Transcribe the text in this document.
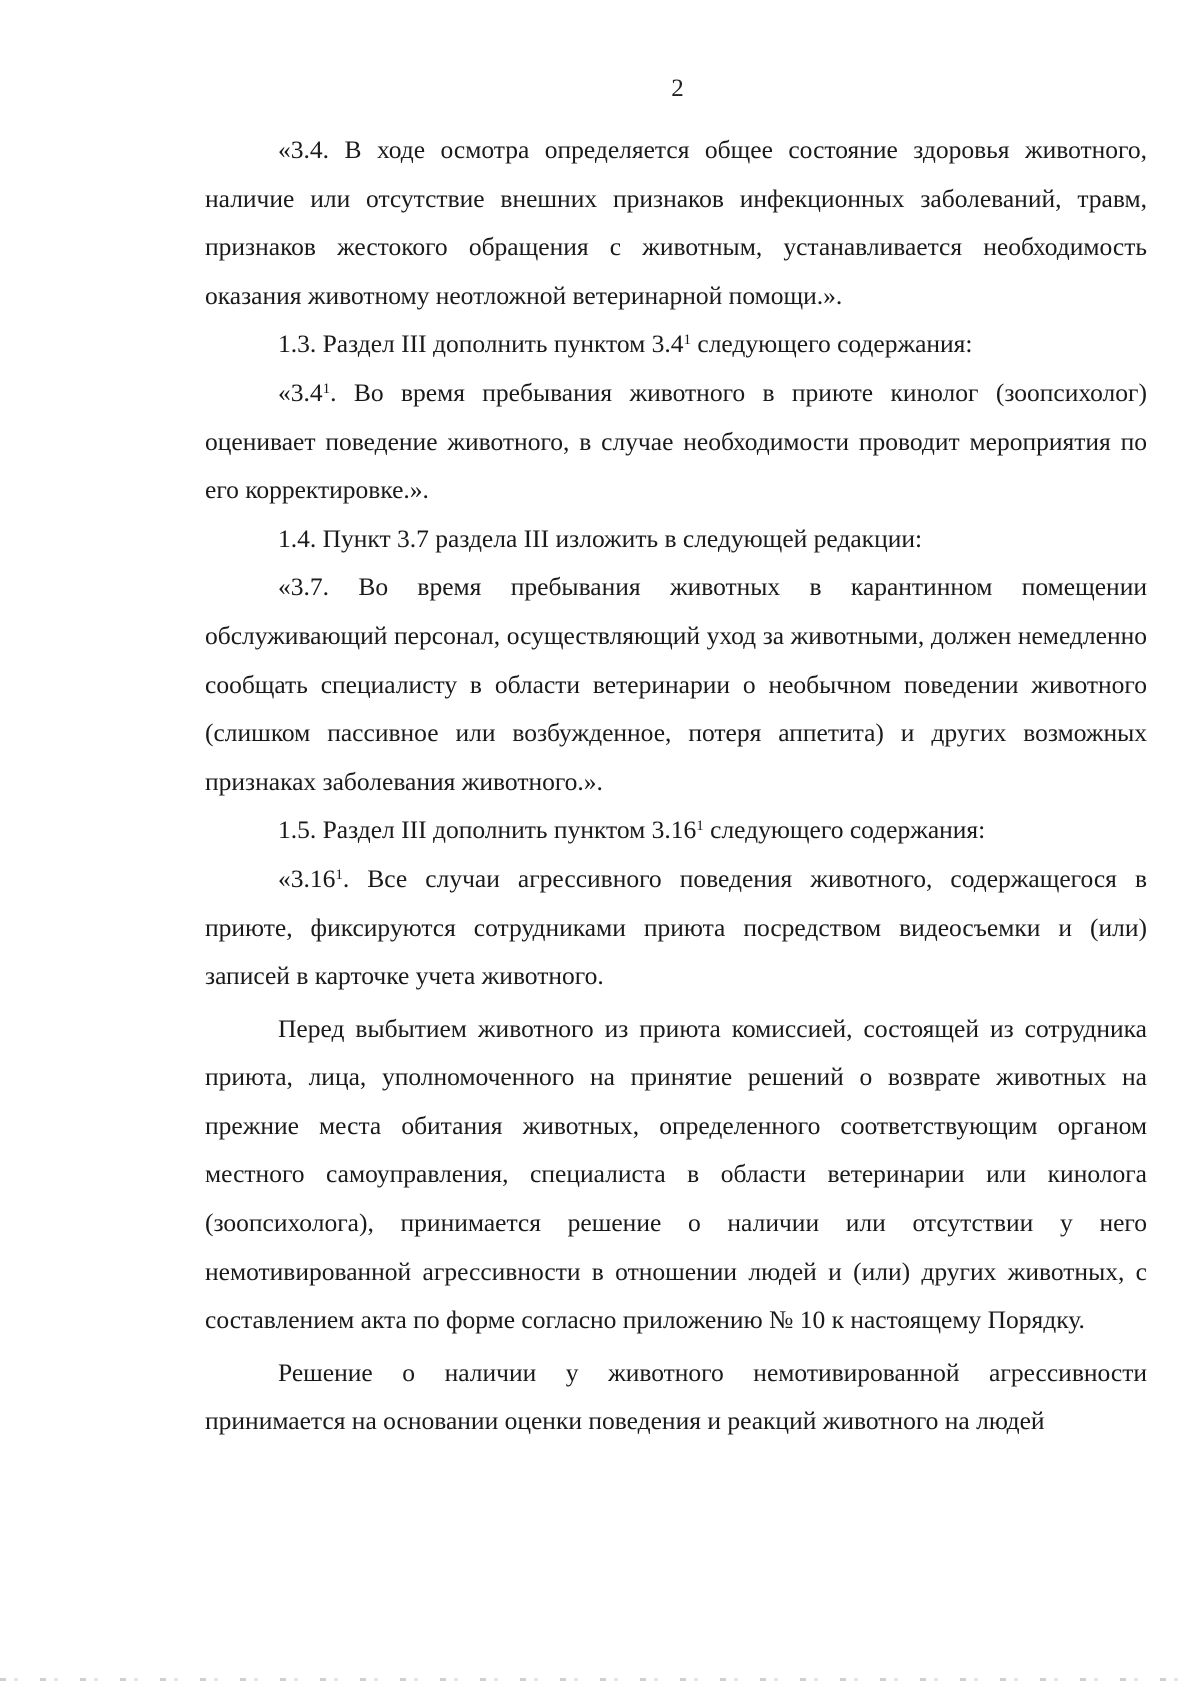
2

«3.4. В ходе осмотра определяется общее состояние здоровья животного, наличие или отсутствие внешних признаков инфекционных заболеваний, травм, признаков жестокого обращения с животным, устанавливается необходимость оказания животному неотложной ветеринарной помощи.».

1.3. Раздел III дополнить пунктом $3.4^1$ следующего содержания:

«$3.4^1$. Во время пребывания животного в приюте кинолог (зоопсихолог) оценивает поведение животного, в случае необходимости проводит мероприятия по его корректировке.».

1.4. Пункт 3.7 раздела III изложить в следующей редакции:

«3.7. Во время пребывания животных в карантинном помещении обслуживающий персонал, осуществляющий уход за животными, должен немедленно сообщать специалисту в области ветеринарии о необычном поведении животного (слишком пассивное или возбужденное, потеря аппетита) и других возможных признаках заболевания животного.».

1.5. Раздел III дополнить пунктом 3.16$^1$ следующего содержания:

«3.16$^1$. Все случаи агрессивного поведения животного, содержащегося в приюте, фиксируются сотрудниками приюта посредством видеосъемки и (или) записей в карточке учета животного.

Перед выбытием животного из приюта комиссией, состоящей из сотрудника приюта, лица, уполномоченного на принятие решений о возврате животных на прежние места обитания животных, определенного соответствующим органом местного самоуправления, специалиста в области ветеринарии или кинолога (зоопсихолога), принимается решение о наличии или отсутствии у него немотивированной агрессивности в отношении людей и (или) других животных, с составлением акта по форме согласно приложению № 10 к настоящему Порядку.

Решение о наличии у животного немотивированной агрессивности принимается на основании оценки поведения и реакций животного на людей
